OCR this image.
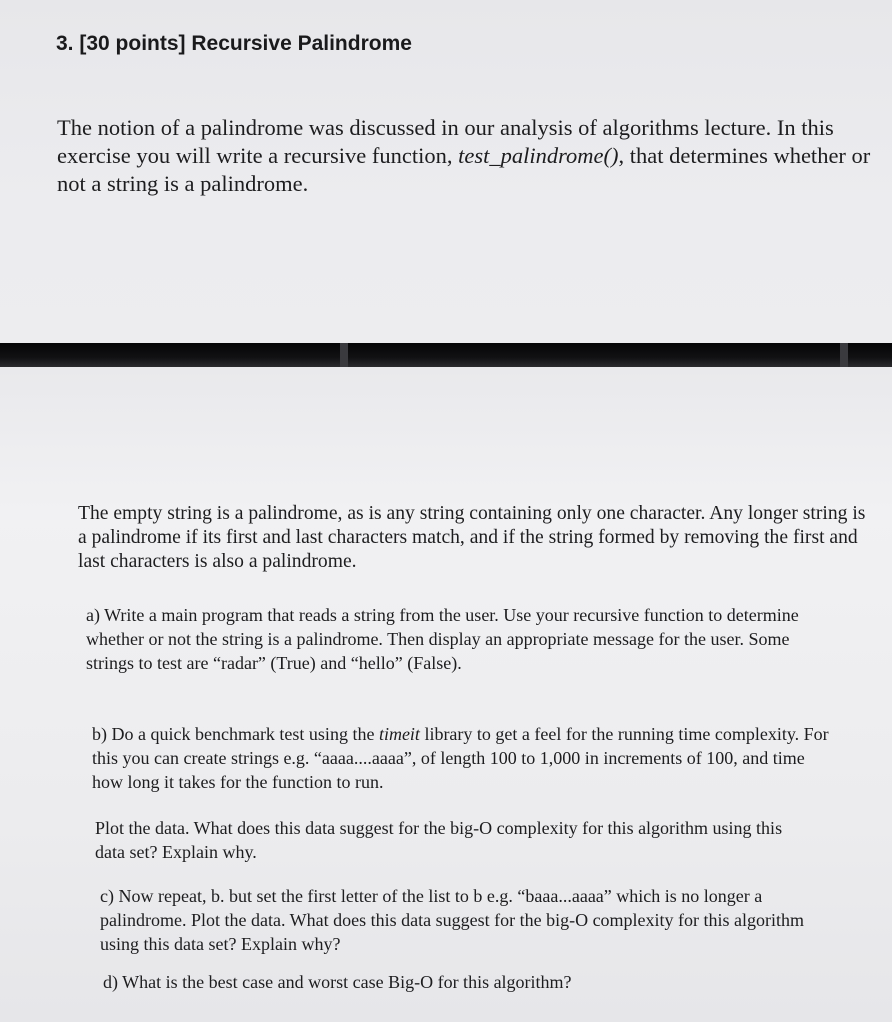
3. [30 points] Recursive Palindrome

The notion of a palindrome was discussed in our analysis of algorithms lecture. In this exercise you will write a recursive function, test_palindrome(), that determines whether or not a string is a palindrome.

The empty string is a palindrome, as is any string containing only one character. Any longer string is a palindrome if its first and last characters match, and if the string formed by removing the first and last characters is also a palindrome.

a) Write a main program that reads a string from the user. Use your recursive function to determine whether or not the string is a palindrome. Then display an appropriate message for the user. Some strings to test are “radar” (True) and “hello” (False).

b) Do a quick benchmark test using the timeit library to get a feel for the running time complexity. For this you can create strings e.g. “aaaa....aaaa”, of length 100 to 1,000 in increments of 100, and time how long it takes for the function to run.

Plot the data. What does this data suggest for the big-O complexity for this algorithm using this data set? Explain why.

c) Now repeat, b. but set the first letter of the list to b e.g. “baaa...aaaa” which is no longer a palindrome. Plot the data. What does this data suggest for the big-O complexity for this algorithm using this data set? Explain why?

d) What is the best case and worst case Big-O for this algorithm?
